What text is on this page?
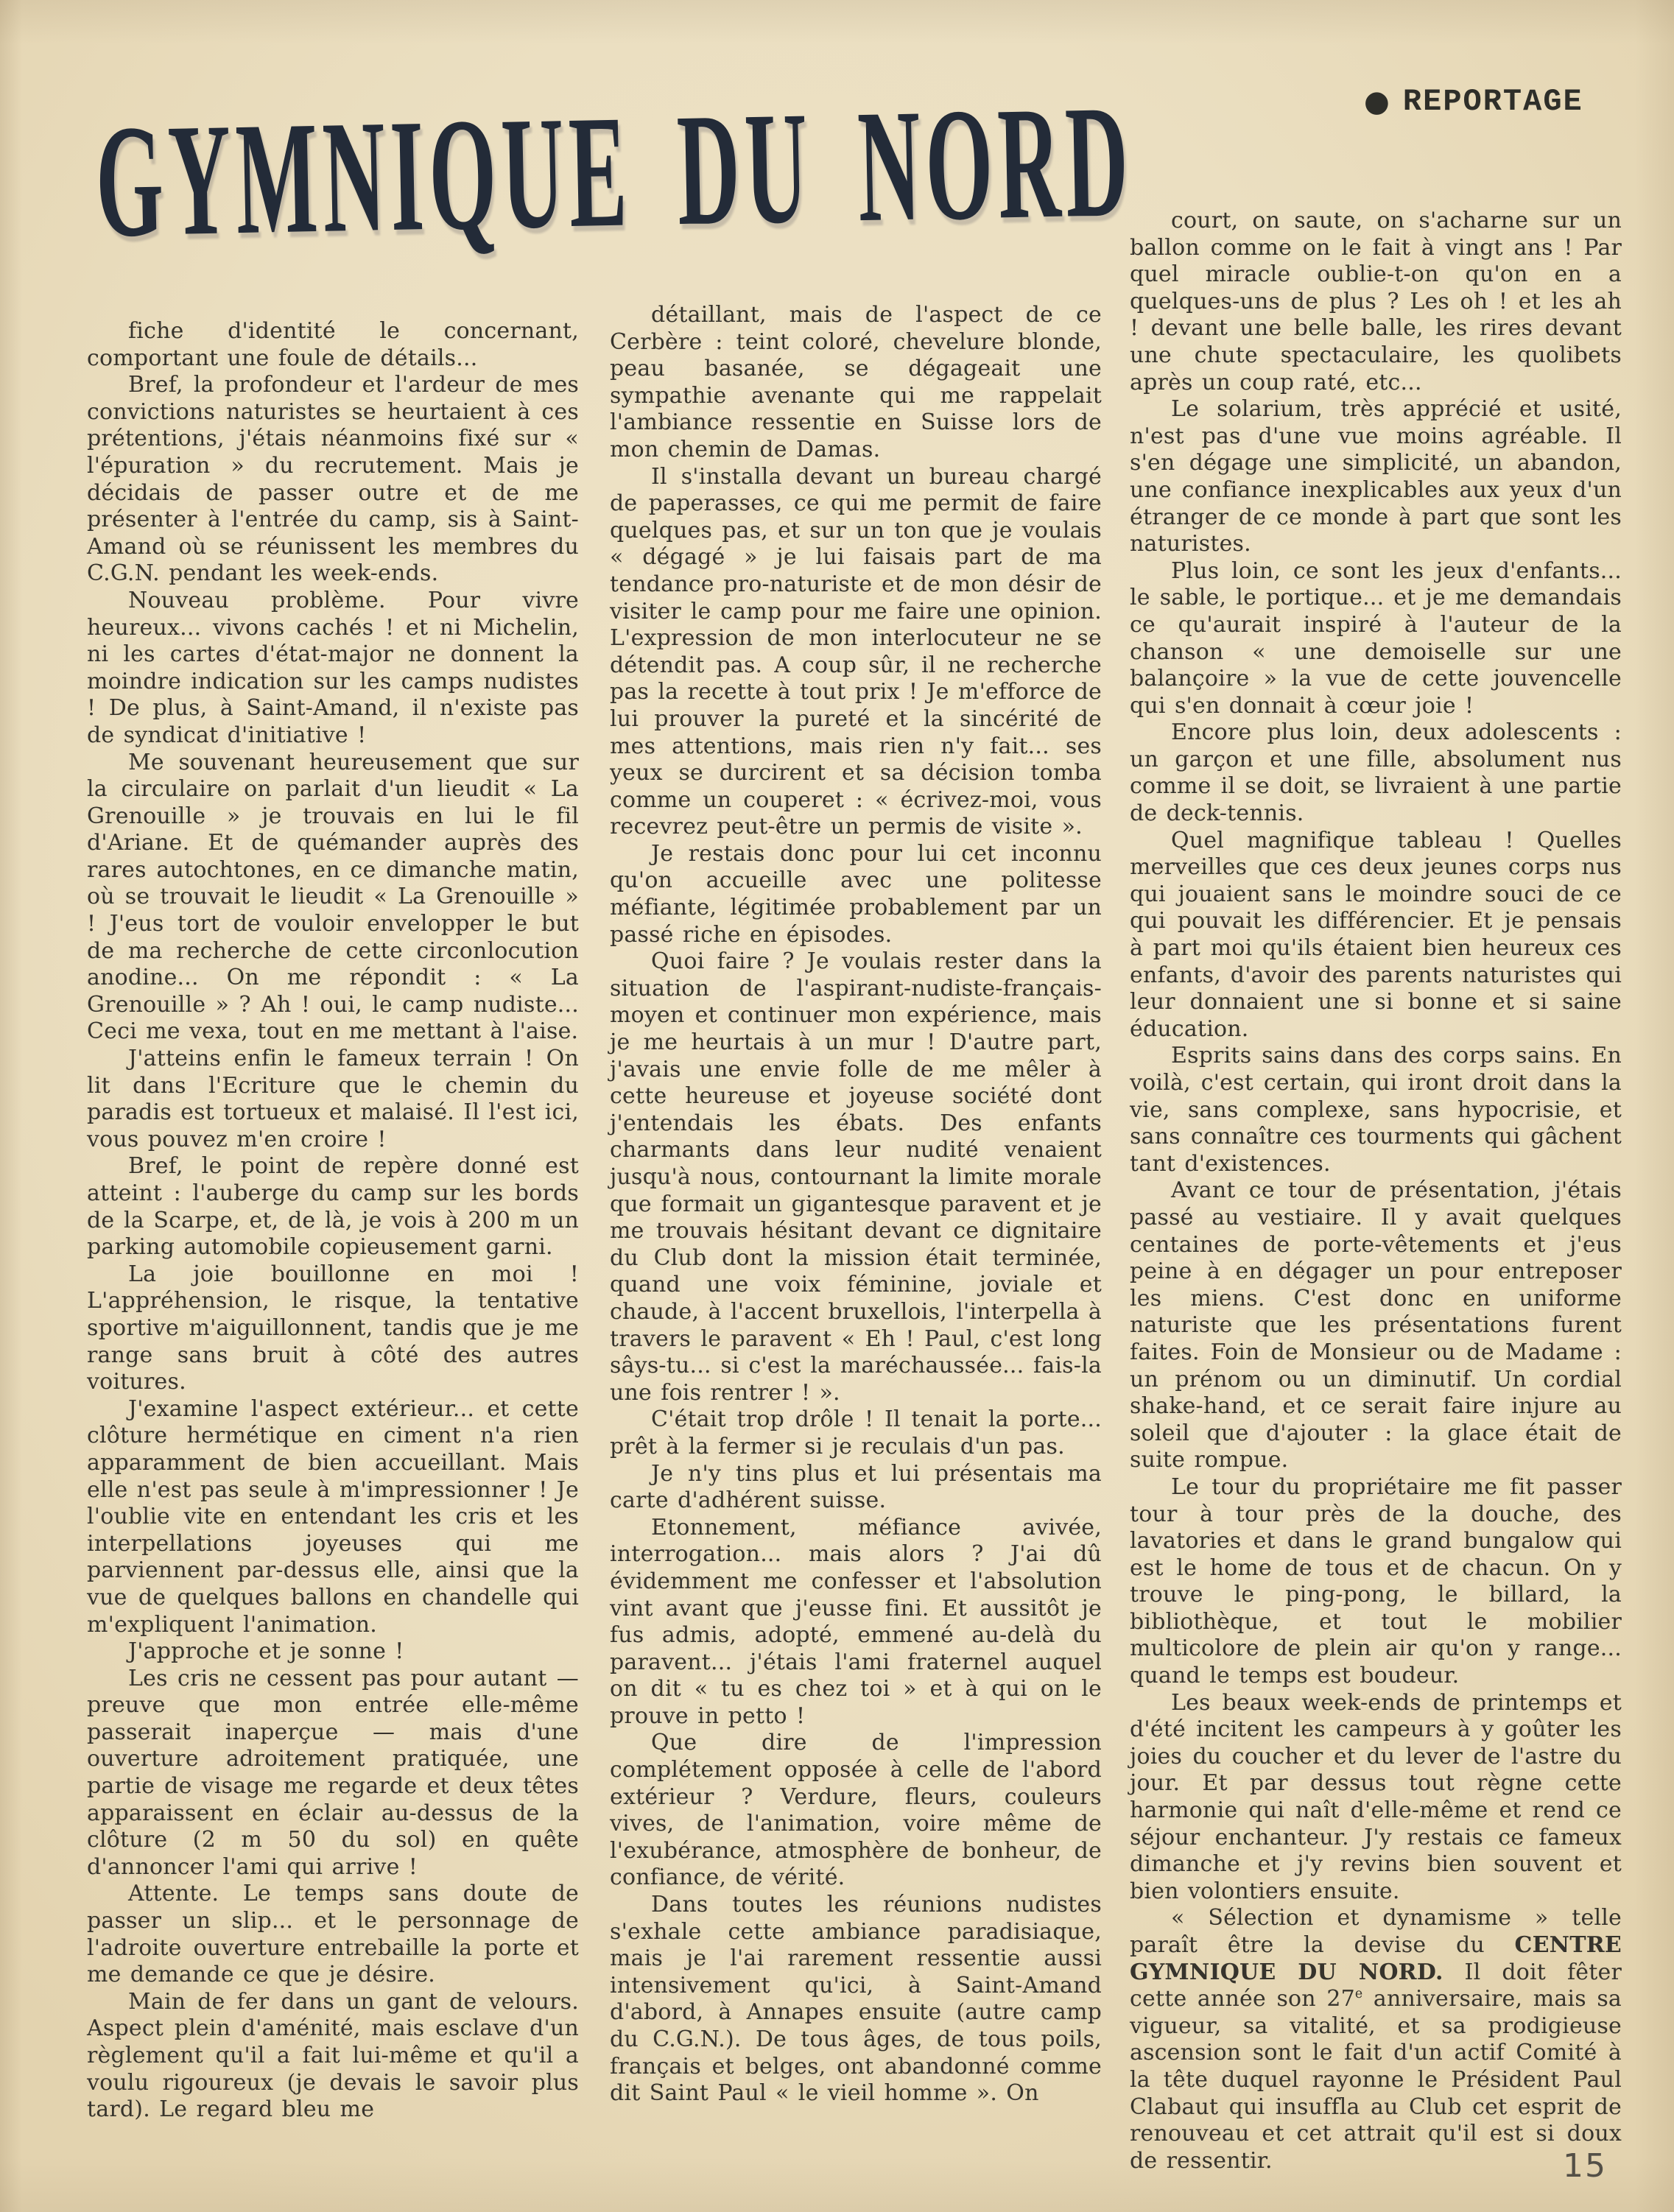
GYMNIQUE DU NORD	● REPORTAGE

fiche d'identité le concernant, comportant une foule de détails...

Bref, la profondeur et l'ardeur de mes convictions naturistes se heurtaient à ces prétentions, j'étais néanmoins fixé sur « l'épuration » du recrutement. Mais je décidais de passer outre et de me présenter à l'entrée du camp, sis à Saint-Amand où se réunissent les membres du C.G.N. pendant les week-ends.

Nouveau problème. Pour vivre heureux... vivons cachés ! et ni Michelin, ni les cartes d'état-major ne donnent la moindre indication sur les camps nudistes ! De plus, à Saint-Amand, il n'existe pas de syndicat d'initiative !

Me souvenant heureusement que sur la circulaire on parlait d'un lieudit « La Grenouille » je trouvais en lui le fil d'Ariane. Et de quémander auprès des rares autochtones, en ce dimanche matin, où se trouvait le lieudit « La Grenouille » ! J'eus tort de vouloir envelopper le but de ma recherche de cette circonlocution anodine... On me répondit : « La Grenouille » ? Ah ! oui, le camp nudiste... Ceci me vexa, tout en me mettant à l'aise.

J'atteins enfin le fameux terrain ! On lit dans l'Ecriture que le chemin du paradis est tortueux et malaisé. Il l'est ici, vous pouvez m'en croire !

Bref, le point de repère donné est atteint : l'auberge du camp sur les bords de la Scarpe, et, de là, je vois à 200 m un parking automobile copieusement garni.

La joie bouillonne en moi ! L'appréhension, le risque, la tentative sportive m'aiguillonnent, tandis que je me range sans bruit à côté des autres voitures.

J'examine l'aspect extérieur... et cette clôture hermétique en ciment n'a rien apparamment de bien accueillant. Mais elle n'est pas seule à m'impressionner ! Je l'oublie vite en entendant les cris et les interpellations joyeuses qui me parviennent par-dessus elle, ainsi que la vue de quelques ballons en chandelle qui m'expliquent l'animation.

J'approche et je sonne !

Les cris ne cessent pas pour autant — preuve que mon entrée elle-même passerait inaperçue — mais d'une ouverture adroitement pratiquée, une partie de visage me regarde et deux têtes apparaissent en éclair au-dessus de la clôture (2 m 50 du sol) en quête d'annoncer l'ami qui arrive !

Attente. Le temps sans doute de passer un slip... et le personnage de l'adroite ouverture entrebaille la porte et me demande ce que je désire.

Main de fer dans un gant de velours. Aspect plein d'aménité, mais esclave d'un règlement qu'il a fait lui-même et qu'il a voulu rigoureux (je devais le savoir plus tard). Le regard bleu me

détaillant, mais de l'aspect de ce Cerbère : teint coloré, chevelure blonde, peau basanée, se dégageait une sympathie avenante qui me rappelait l'ambiance ressentie en Suisse lors de mon chemin de Damas.

Il s'installa devant un bureau chargé de paperasses, ce qui me permit de faire quelques pas, et sur un ton que je voulais « dégagé » je lui faisais part de ma tendance pro-naturiste et de mon désir de visiter le camp pour me faire une opinion. L'expression de mon interlocuteur ne se détendit pas. A coup sûr, il ne recherche pas la recette à tout prix ! Je m'efforce de lui prouver la pureté et la sincérité de mes attentions, mais rien n'y fait... ses yeux se durcirent et sa décision tomba comme un couperet : « écrivez-moi, vous recevrez peut-être un permis de visite ».

Je restais donc pour lui cet inconnu qu'on accueille avec une politesse méfiante, légitimée probablement par un passé riche en épisodes.

Quoi faire ? Je voulais rester dans la situation de l'aspirant-nudiste-français-moyen et continuer mon expérience, mais je me heurtais à un mur ! D'autre part, j'avais une envie folle de me mêler à cette heureuse et joyeuse société dont j'entendais les ébats. Des enfants charmants dans leur nudité venaient jusqu'à nous, contournant la limite morale que formait un gigantesque paravent et je me trouvais hésitant devant ce dignitaire du Club dont la mission était terminée, quand une voix féminine, joviale et chaude, à l'accent bruxellois, l'interpella à travers le paravent « Eh ! Paul, c'est long sâys-tu... si c'est la maréchaussée... fais-la une fois rentrer ! ».

C'était trop drôle ! Il tenait la porte... prêt à la fermer si je reculais d'un pas.

Je n'y tins plus et lui présentais ma carte d'adhérent suisse.

Etonnement, méfiance avivée, interrogation... mais alors ? J'ai dû évidemment me confesser et l'absolution vint avant que j'eusse fini. Et aussitôt je fus admis, adopté, emmené au-delà du paravent... j'étais l'ami fraternel auquel on dit « tu es chez toi » et à qui on le prouve in petto !

Que dire de l'impression complétement opposée à celle de l'abord extérieur ? Verdure, fleurs, couleurs vives, de l'animation, voire même de l'exubérance, atmosphère de bonheur, de confiance, de vérité.

Dans toutes les réunions nudistes s'exhale cette ambiance paradisiaque, mais je l'ai rarement ressentie aussi intensivement qu'ici, à Saint-Amand d'abord, à Annapes ensuite (autre camp du C.G.N.). De tous âges, de tous poils, français et belges, ont abandonné comme dit Saint Paul « le vieil homme ». On

court, on saute, on s'acharne sur un ballon comme on le fait à vingt ans ! Par quel miracle oublie-t-on qu'on en a quelques-uns de plus ? Les oh ! et les ah ! devant une belle balle, les rires devant une chute spectaculaire, les quolibets après un coup raté, etc...

Le solarium, très apprécié et usité, n'est pas d'une vue moins agréable. Il s'en dégage une simplicité, un abandon, une confiance inexplicables aux yeux d'un étranger de ce monde à part que sont les naturistes.

Plus loin, ce sont les jeux d'enfants... le sable, le portique... et je me demandais ce qu'aurait inspiré à l'auteur de la chanson « une demoiselle sur une balançoire » la vue de cette jouvencelle qui s'en donnait à cœur joie !

Encore plus loin, deux adolescents : un garçon et une fille, absolument nus comme il se doit, se livraient à une partie de deck-tennis.

Quel magnifique tableau ! Quelles merveilles que ces deux jeunes corps nus qui jouaient sans le moindre souci de ce qui pouvait les différencier. Et je pensais à part moi qu'ils étaient bien heureux ces enfants, d'avoir des parents naturistes qui leur donnaient une si bonne et si saine éducation.

Esprits sains dans des corps sains. En voilà, c'est certain, qui iront droit dans la vie, sans complexe, sans hypocrisie, et sans connaître ces tourments qui gâchent tant d'existences.

Avant ce tour de présentation, j'étais passé au vestiaire. Il y avait quelques centaines de porte-vêtements et j'eus peine à en dégager un pour entreposer les miens. C'est donc en uniforme naturiste que les présentations furent faites. Foin de Monsieur ou de Madame : un prénom ou un diminutif. Un cordial shake-hand, et ce serait faire injure au soleil que d'ajouter : la glace était de suite rompue.

Le tour du propriétaire me fit passer tour à tour près de la douche, des lavatories et dans le grand bungalow qui est le home de tous et de chacun. On y trouve le ping-pong, le billard, la bibliothèque, et tout le mobilier multicolore de plein air qu'on y range... quand le temps est boudeur.

Les beaux week-ends de printemps et d'été incitent les campeurs à y goûter les joies du coucher et du lever de l'astre du jour. Et par dessus tout règne cette harmonie qui naît d'elle-même et rend ce séjour enchanteur. J'y restais ce fameux dimanche et j'y revins bien souvent et bien volontiers ensuite.

« Sélection et dynamisme » telle paraît être la devise du CENTRE GYMNIQUE DU NORD. Il doit fêter cette année son 27e anniversaire, mais sa vigueur, sa vitalité, et sa prodigieuse ascension sont le fait d'un actif Comité à la tête duquel rayonne le Président Paul Clabaut qui insuffla au Club cet esprit de renouveau et cet attrait qu'il est si doux de ressentir.	15
